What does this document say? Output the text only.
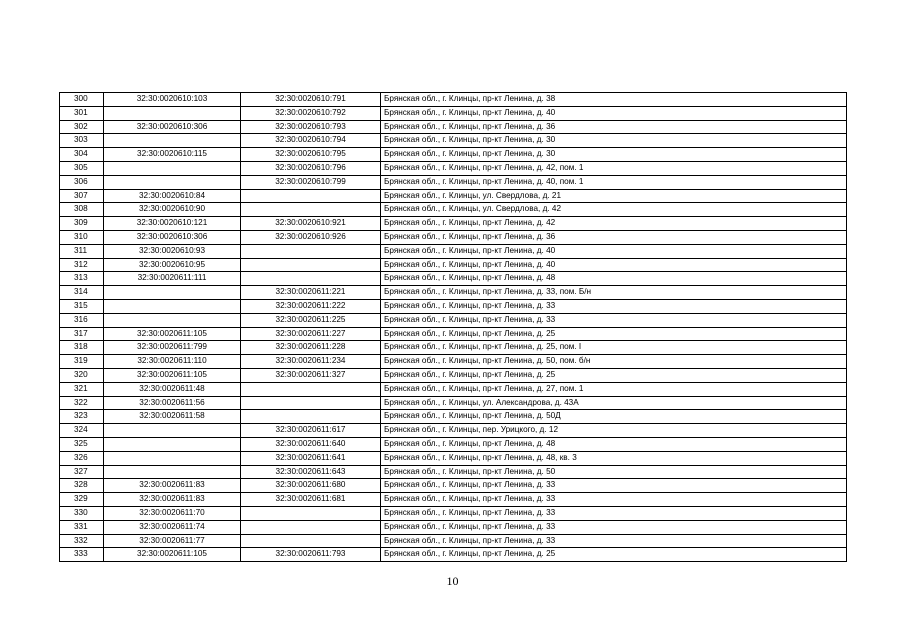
300	32:30:0020610:103	32:30:0020610:791	Брянская обл., г. Клинцы, пр-кт Ленина, д. 38
301		32:30:0020610:792	Брянская обл., г. Клинцы, пр-кт Ленина, д. 40
302	32:30:0020610:306	32:30:0020610:793	Брянская обл., г. Клинцы, пр-кт Ленина, д. 36
303		32:30:0020610:794	Брянская обл., г. Клинцы, пр-кт Ленина, д. 30
304	32:30:0020610:115	32:30:0020610:795	Брянская обл., г. Клинцы, пр-кт Ленина, д. 30
305		32:30:0020610:796	Брянская обл., г. Клинцы, пр-кт Ленина, д. 42, пом. 1
306		32:30:0020610:799	Брянская обл., г. Клинцы, пр-кт Ленина, д. 40, пом. 1
307	32:30:0020610:84		Брянская обл., г. Клинцы, ул. Свердлова, д. 21
308	32:30:0020610:90		Брянская обл., г. Клинцы, ул. Свердлова, д. 42
309	32:30:0020610:121	32:30:0020610:921	Брянская обл., г. Клинцы, пр-кт Ленина, д. 42
310	32:30:0020610:306	32:30:0020610:926	Брянская обл., г. Клинцы, пр-кт Ленина, д. 36
311	32:30:0020610:93		Брянская обл., г. Клинцы, пр-кт Ленина, д. 40
312	32:30:0020610:95		Брянская обл., г. Клинцы, пр-кт Ленина, д. 40
313	32:30:0020611:111		Брянская обл., г. Клинцы, пр-кт Ленина, д. 48
314		32:30:0020611:221	Брянская обл., г. Клинцы, пр-кт Ленина, д. 33, пом. Б/н
315		32:30:0020611:222	Брянская обл., г. Клинцы, пр-кт Ленина, д. 33
316		32:30:0020611:225	Брянская обл., г. Клинцы, пр-кт Ленина, д. 33
317	32:30:0020611:105	32:30:0020611:227	Брянская обл., г. Клинцы, пр-кт Ленина, д. 25
318	32:30:0020611:799	32:30:0020611:228	Брянская обл., г. Клинцы, пр-кт Ленина, д. 25, пом. I
319	32:30:0020611:110	32:30:0020611:234	Брянская обл., г. Клинцы, пр-кт Ленина, д. 50, пом. б/н
320	32:30:0020611:105	32:30:0020611:327	Брянская обл., г. Клинцы, пр-кт Ленина, д. 25
321	32:30:0020611:48		Брянская обл., г. Клинцы, пр-кт Ленина, д. 27, пом. 1
322	32:30:0020611:56		Брянская обл., г. Клинцы, ул. Александрова, д. 43А
323	32:30:0020611:58		Брянская обл., г. Клинцы, пр-кт Ленина, д. 50Д
324		32:30:0020611:617	Брянская обл., г. Клинцы, пер. Урицкого, д. 12
325		32:30:0020611:640	Брянская обл., г. Клинцы, пр-кт Ленина, д. 48
326		32:30:0020611:641	Брянская обл., г. Клинцы, пр-кт Ленина, д. 48, кв. 3
327		32:30:0020611:643	Брянская обл., г. Клинцы, пр-кт Ленина, д. 50
328	32:30:0020611:83	32:30:0020611:680	Брянская обл., г. Клинцы, пр-кт Ленина, д. 33
329	32:30:0020611:83	32:30:0020611:681	Брянская обл., г. Клинцы, пр-кт Ленина, д. 33
330	32:30:0020611:70		Брянская обл., г. Клинцы, пр-кт Ленина, д. 33
331	32:30:0020611:74		Брянская обл., г. Клинцы, пр-кт Ленина, д. 33
332	32:30:0020611:77		Брянская обл., г. Клинцы, пр-кт Ленина, д. 33
333	32:30:0020611:105	32:30:0020611:793	Брянская обл., г. Клинцы, пр-кт Ленина, д. 25
10
